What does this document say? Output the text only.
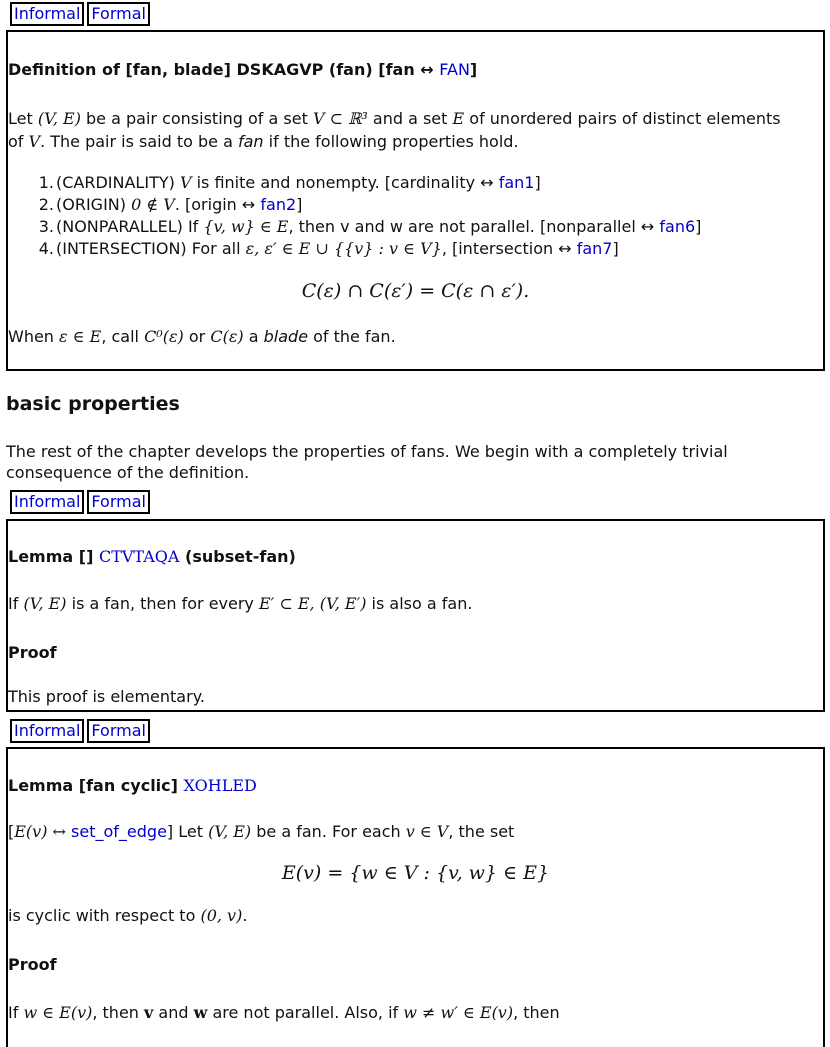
Informal Formal
Definition of [fan, blade] DSKAGVP (fan) [fan ↔ FAN]
Let (V, E) be a pair consisting of a set V ⊂ ℝ³ and a set E of unordered pairs of distinct elements
of V. The pair is said to be a fan if the following properties hold.
1. (CARDINALITY) V is finite and nonempty. [cardinality ↔ fan1]
2. (ORIGIN) 0 ∉ V. [origin ↔ fan2]
3. (NONPARALLEL) If {v, w} ∈ E, then v and w are not parallel. [nonparallel ↔ fan6]
4. (INTERSECTION) For all ε, ε′ ∈ E ∪ {{v} : v ∈ V}, [intersection ↔ fan7]
C(ε) ∩ C(ε′) = C(ε ∩ ε′).
When ε ∈ E, call C⁰(ε) or C(ε) a blade of the fan.
basic properties
The rest of the chapter develops the properties of fans. We begin with a completely trivial
consequence of the definition.
Informal Formal
Lemma [] CTVTAQA (subset-fan)
If (V, E) is a fan, then for every E′ ⊂ E, (V, E′) is also a fan.
Proof
This proof is elementary.
Informal Formal
Lemma [fan cyclic] XOHLED
[E(v) ↔ set_of_edge] Let (V, E) be a fan. For each v ∈ V, the set
E(v) = {w ∈ V : {v, w} ∈ E}
is cyclic with respect to (0, v).
Proof
If w ∈ E(v), then v and w are not parallel. Also, if w ≠ w′ ∈ E(v), then
